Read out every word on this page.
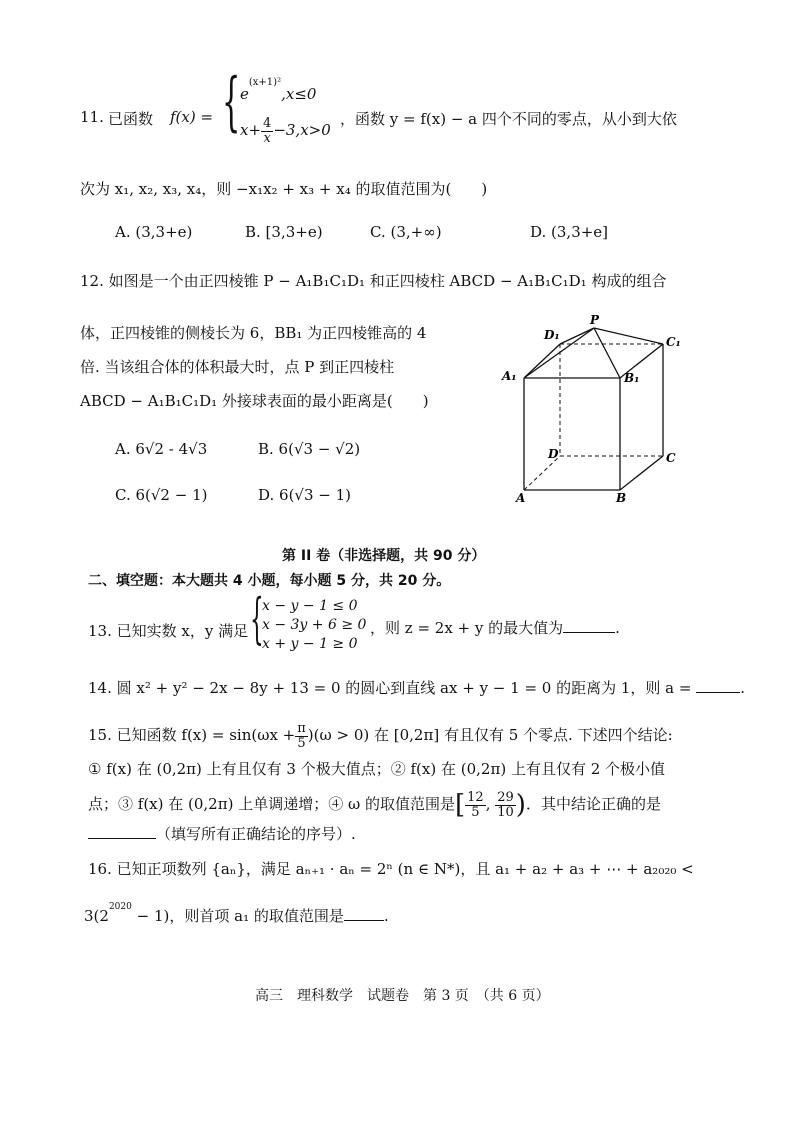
11. 已函数 f(x) = { $e^{(x+1)^2},x\le 0$
$x+ \frac{4}{x} -3,x>0$
，函数 y = f(x) − a 四个不同的零点，从小到大依
次为 x₁, x₂, x₃, x₄，则 −x₁x₂ + x₃ + x₄ 的取值范围为(　　)
A. (3,3+e)	B. [3,3+e)	C. (3,+∞)	D. (3,3+e]
12. 如图是一个由正四棱锥 P − A₁B₁C₁D₁ 和正四棱柱 ABCD − A₁B₁C₁D₁ 构成的组合
体，正四棱锥的侧棱长为 6，BB₁ 为正四棱锥高的 4
倍. 当该组合体的体积最大时，点 P 到正四棱柱
ABCD − A₁B₁C₁D₁ 外接球表面的最小距离是(　　)
A. 6√2 - 4√3	B. 6(√3 − √2)
C. 6(√2 − 1)	D. 6(√3 − 1)
P
D₁	C₁
A₁	B₁
D	C
A	B
第 II 卷（非选择题，共 90 分）
二、填空题：本大题共 4 小题，每小题 5 分，共 20 分。
13. 已知实数 x，y 满足 {
x − y − 1 ≤ 0
x − 3y + 6 ≥ 0
x + y − 1 ≥ 0
，则 z = 2x + y 的最大值为	.
14. 圆 x² + y² − 2x − 8y + 13 = 0 的圆心到直线 ax + y − 1 = 0 的距离为 1，则 a =	.
15. 已知函数 $f(x) = \sin(\omega x + \frac{\pi}{5} )(\omega > 0)$ 在 [0,2π] 有且仅有 5 个零点. 下述四个结论:
① f(x) 在 (0,2π) 上有且仅有 3 个极大值点；② f(x) 在 (0,2π) 上有且仅有 2 个极小值
点；③ f(x) 在 (0,2π) 上单调递增；④ ω 的取值范围是[ $\frac{12}{5}$ , $\frac{29}{10}$ )．其中结论正确的是
（填写所有正确结论的序号）.
16. 已知正项数列 {aₙ}，满足 aₙ₊₁ · aₙ = 2ⁿ (n ∈ N*)，且 a₁ + a₂ + a₃ + ⋯ + a₂₀₂₀ <
$3(2^{2020} - 1)$，则首项 a₁ 的取值范围是	.
高三　理科数学　试题卷　第 3 页　（共 6 页）
